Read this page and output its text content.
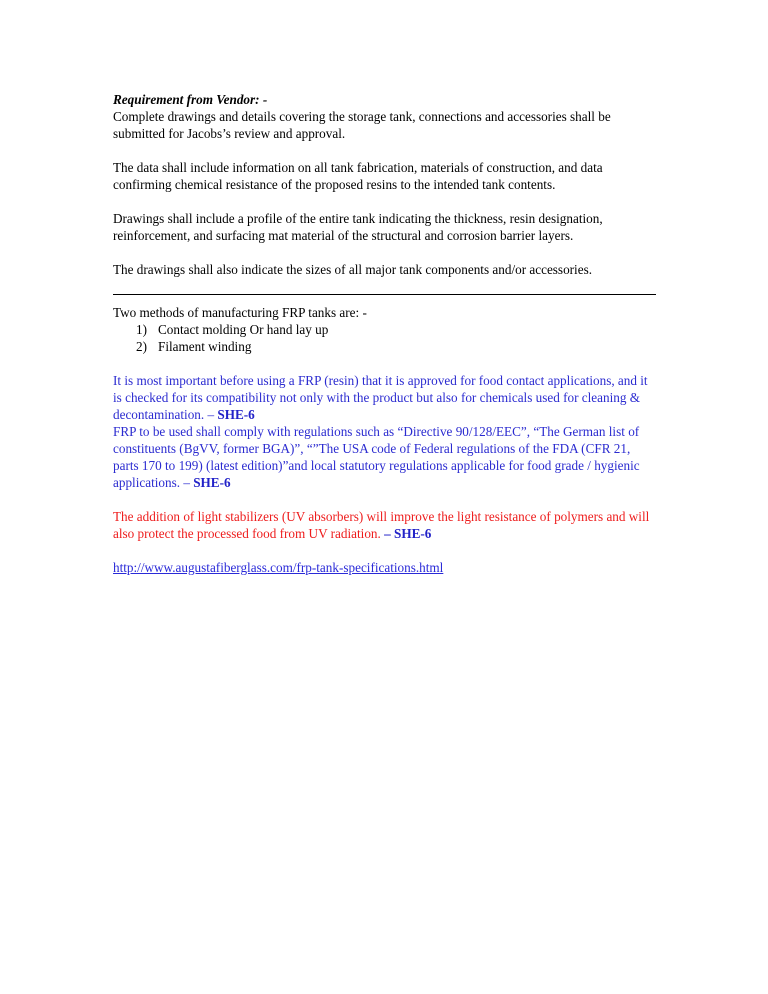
Requirement from Vendor: -

Complete drawings and details covering the storage tank, connections and accessories shall be submitted for Jacobs’s review and approval.

The data shall include information on all tank fabrication, materials of construction, and data confirming chemical resistance of the proposed resins to the intended tank contents.

Drawings shall include a profile of the entire tank indicating the thickness, resin designation, reinforcement, and surfacing mat material of the structural and corrosion barrier layers.

The drawings shall also indicate the sizes of all major tank components and/or accessories.

Two methods of manufacturing FRP tanks are: -

1) Contact molding Or hand lay up
2) Filament winding

It is most important before using a FRP (resin) that it is approved for food contact applications, and it is checked for its compatibility not only with the product but also for chemicals used for cleaning & decontamination. – SHE-6

FRP to be used shall comply with regulations such as “Directive 90/128/EEC”, “The German list of constituents (BgVV, former BGA)”, “”The USA code of Federal regulations of the FDA (CFR 21, parts 170 to 199) (latest edition)”and local statutory regulations applicable for food grade / hygienic applications. – SHE-6

The addition of light stabilizers (UV absorbers) will improve the light resistance of polymers and will also protect the processed food from UV radiation. – SHE-6

http://www.augustafiberglass.com/frp-tank-specifications.html
